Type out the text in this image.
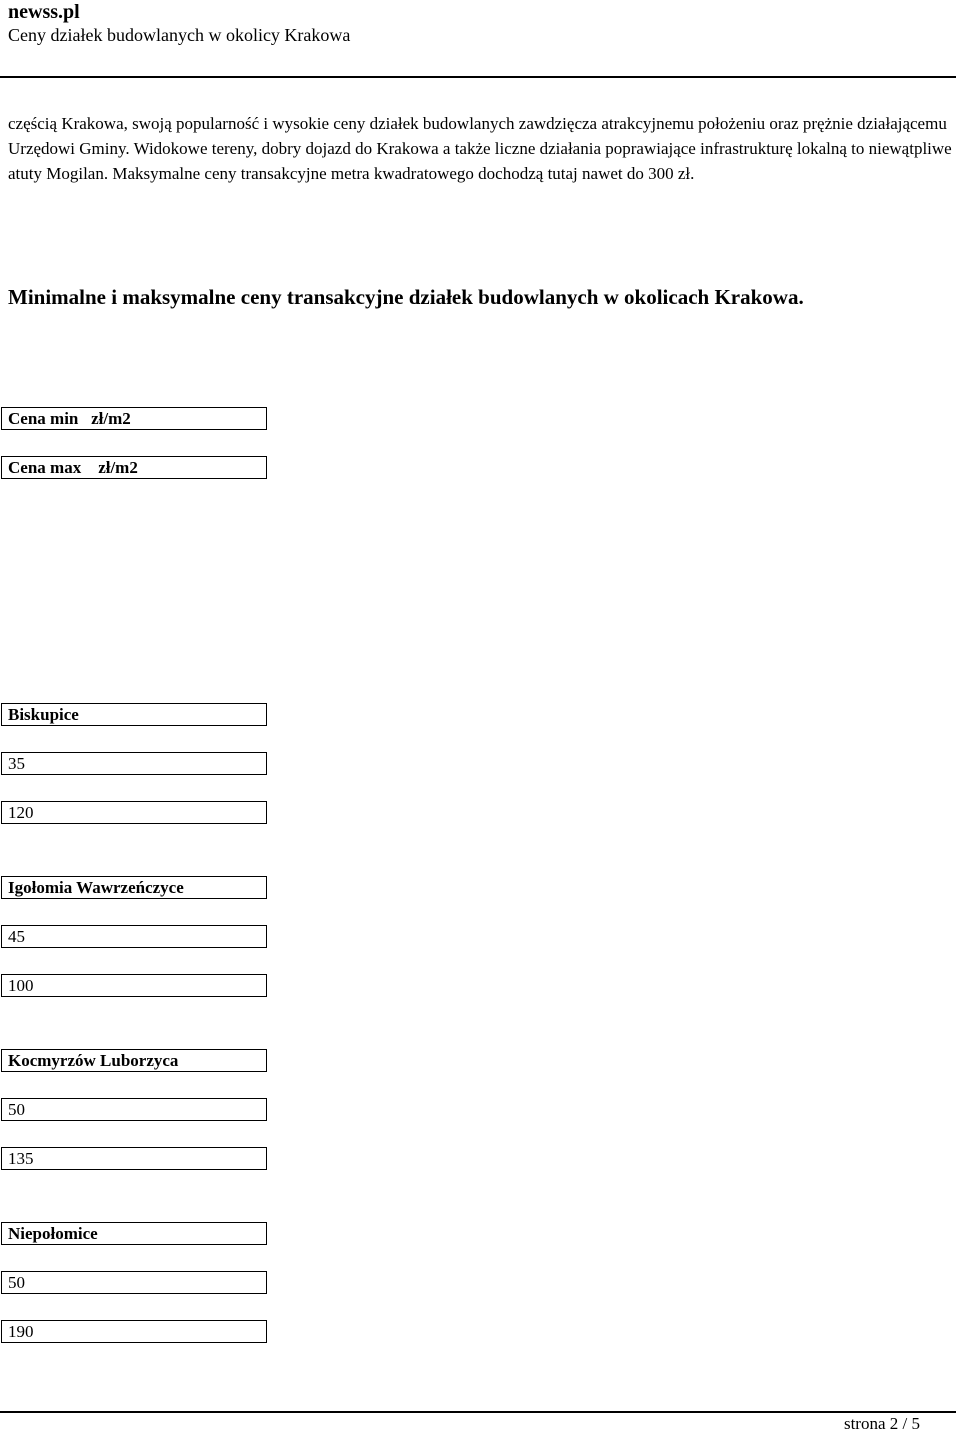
newss.pl
Ceny działek budowlanych w okolicy Krakowa
częścią Krakowa, swoją popularność i wysokie ceny działek budowlanych zawdzięcza atrakcyjnemu położeniu oraz prężnie działającemu Urzędowi Gminy. Widokowe tereny, dobry dojazd do Krakowa a także liczne działania poprawiające infrastrukturę lokalną to niewątpliwe atuty Mogilan. Maksymalne ceny transakcyjne metra kwadratowego dochodzą tutaj nawet do 300 zł.
Minimalne i maksymalne ceny transakcyjne działek budowlanych w okolicach Krakowa.
Cena min   zł/m2
Cena max    zł/m2
Biskupice
35
120
Igołomia Wawrzeńczyce
45
100
Kocmyrzów Luborzyca
50
135
Niepołomice
50
190
strona 2 / 5
